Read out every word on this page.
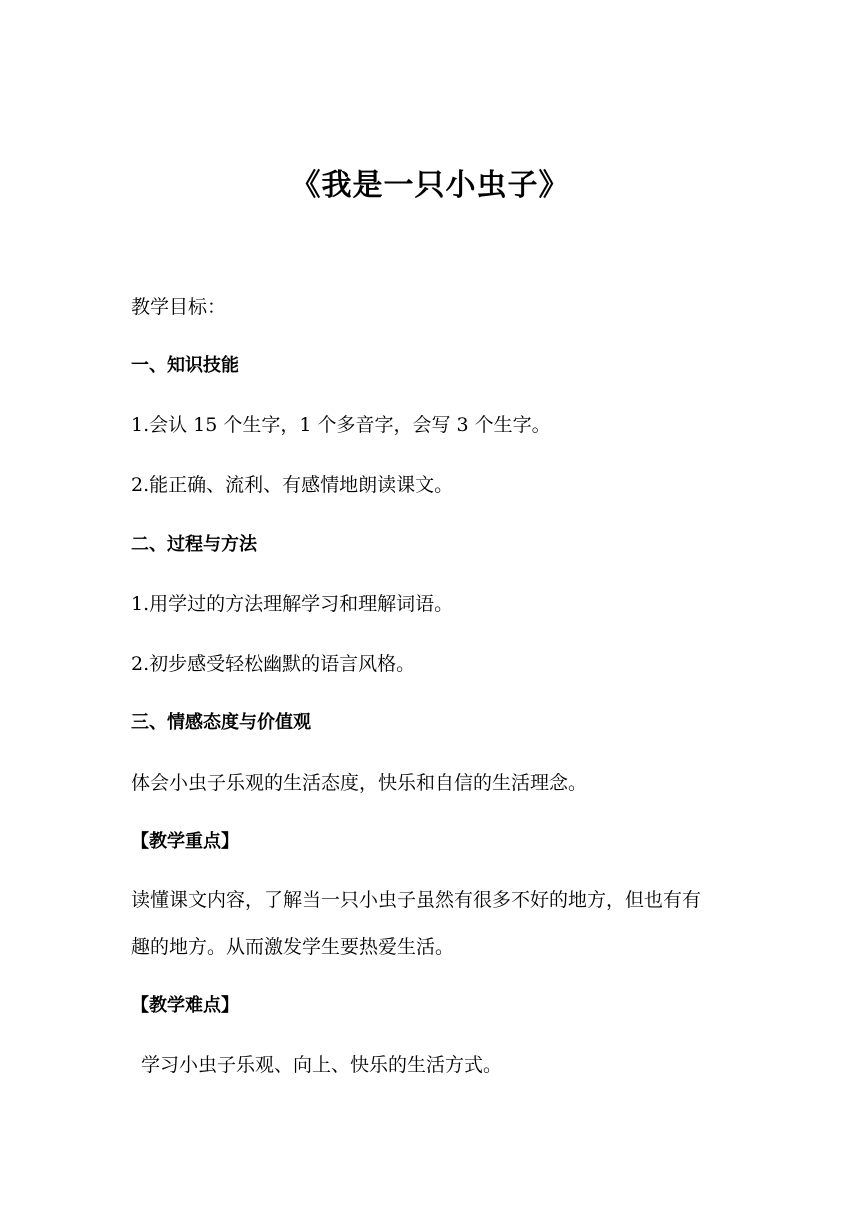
《我是一只小虫子》
教学目标：
一、知识技能
1.会认 15 个生字，1 个多音字，会写 3 个生字。
2.能正确、流利、有感情地朗读课文。
二、过程与方法
1.用学过的方法理解学习和理解词语。
2.初步感受轻松幽默的语言风格。
三、情感态度与价值观
体会小虫子乐观的生活态度，快乐和自信的生活理念。
【教学重点】
读懂课文内容，了解当一只小虫子虽然有很多不好的地方，但也有有
趣的地方。从而激发学生要热爱生活。
【教学难点】
学习小虫子乐观、向上、快乐的生活方式。
